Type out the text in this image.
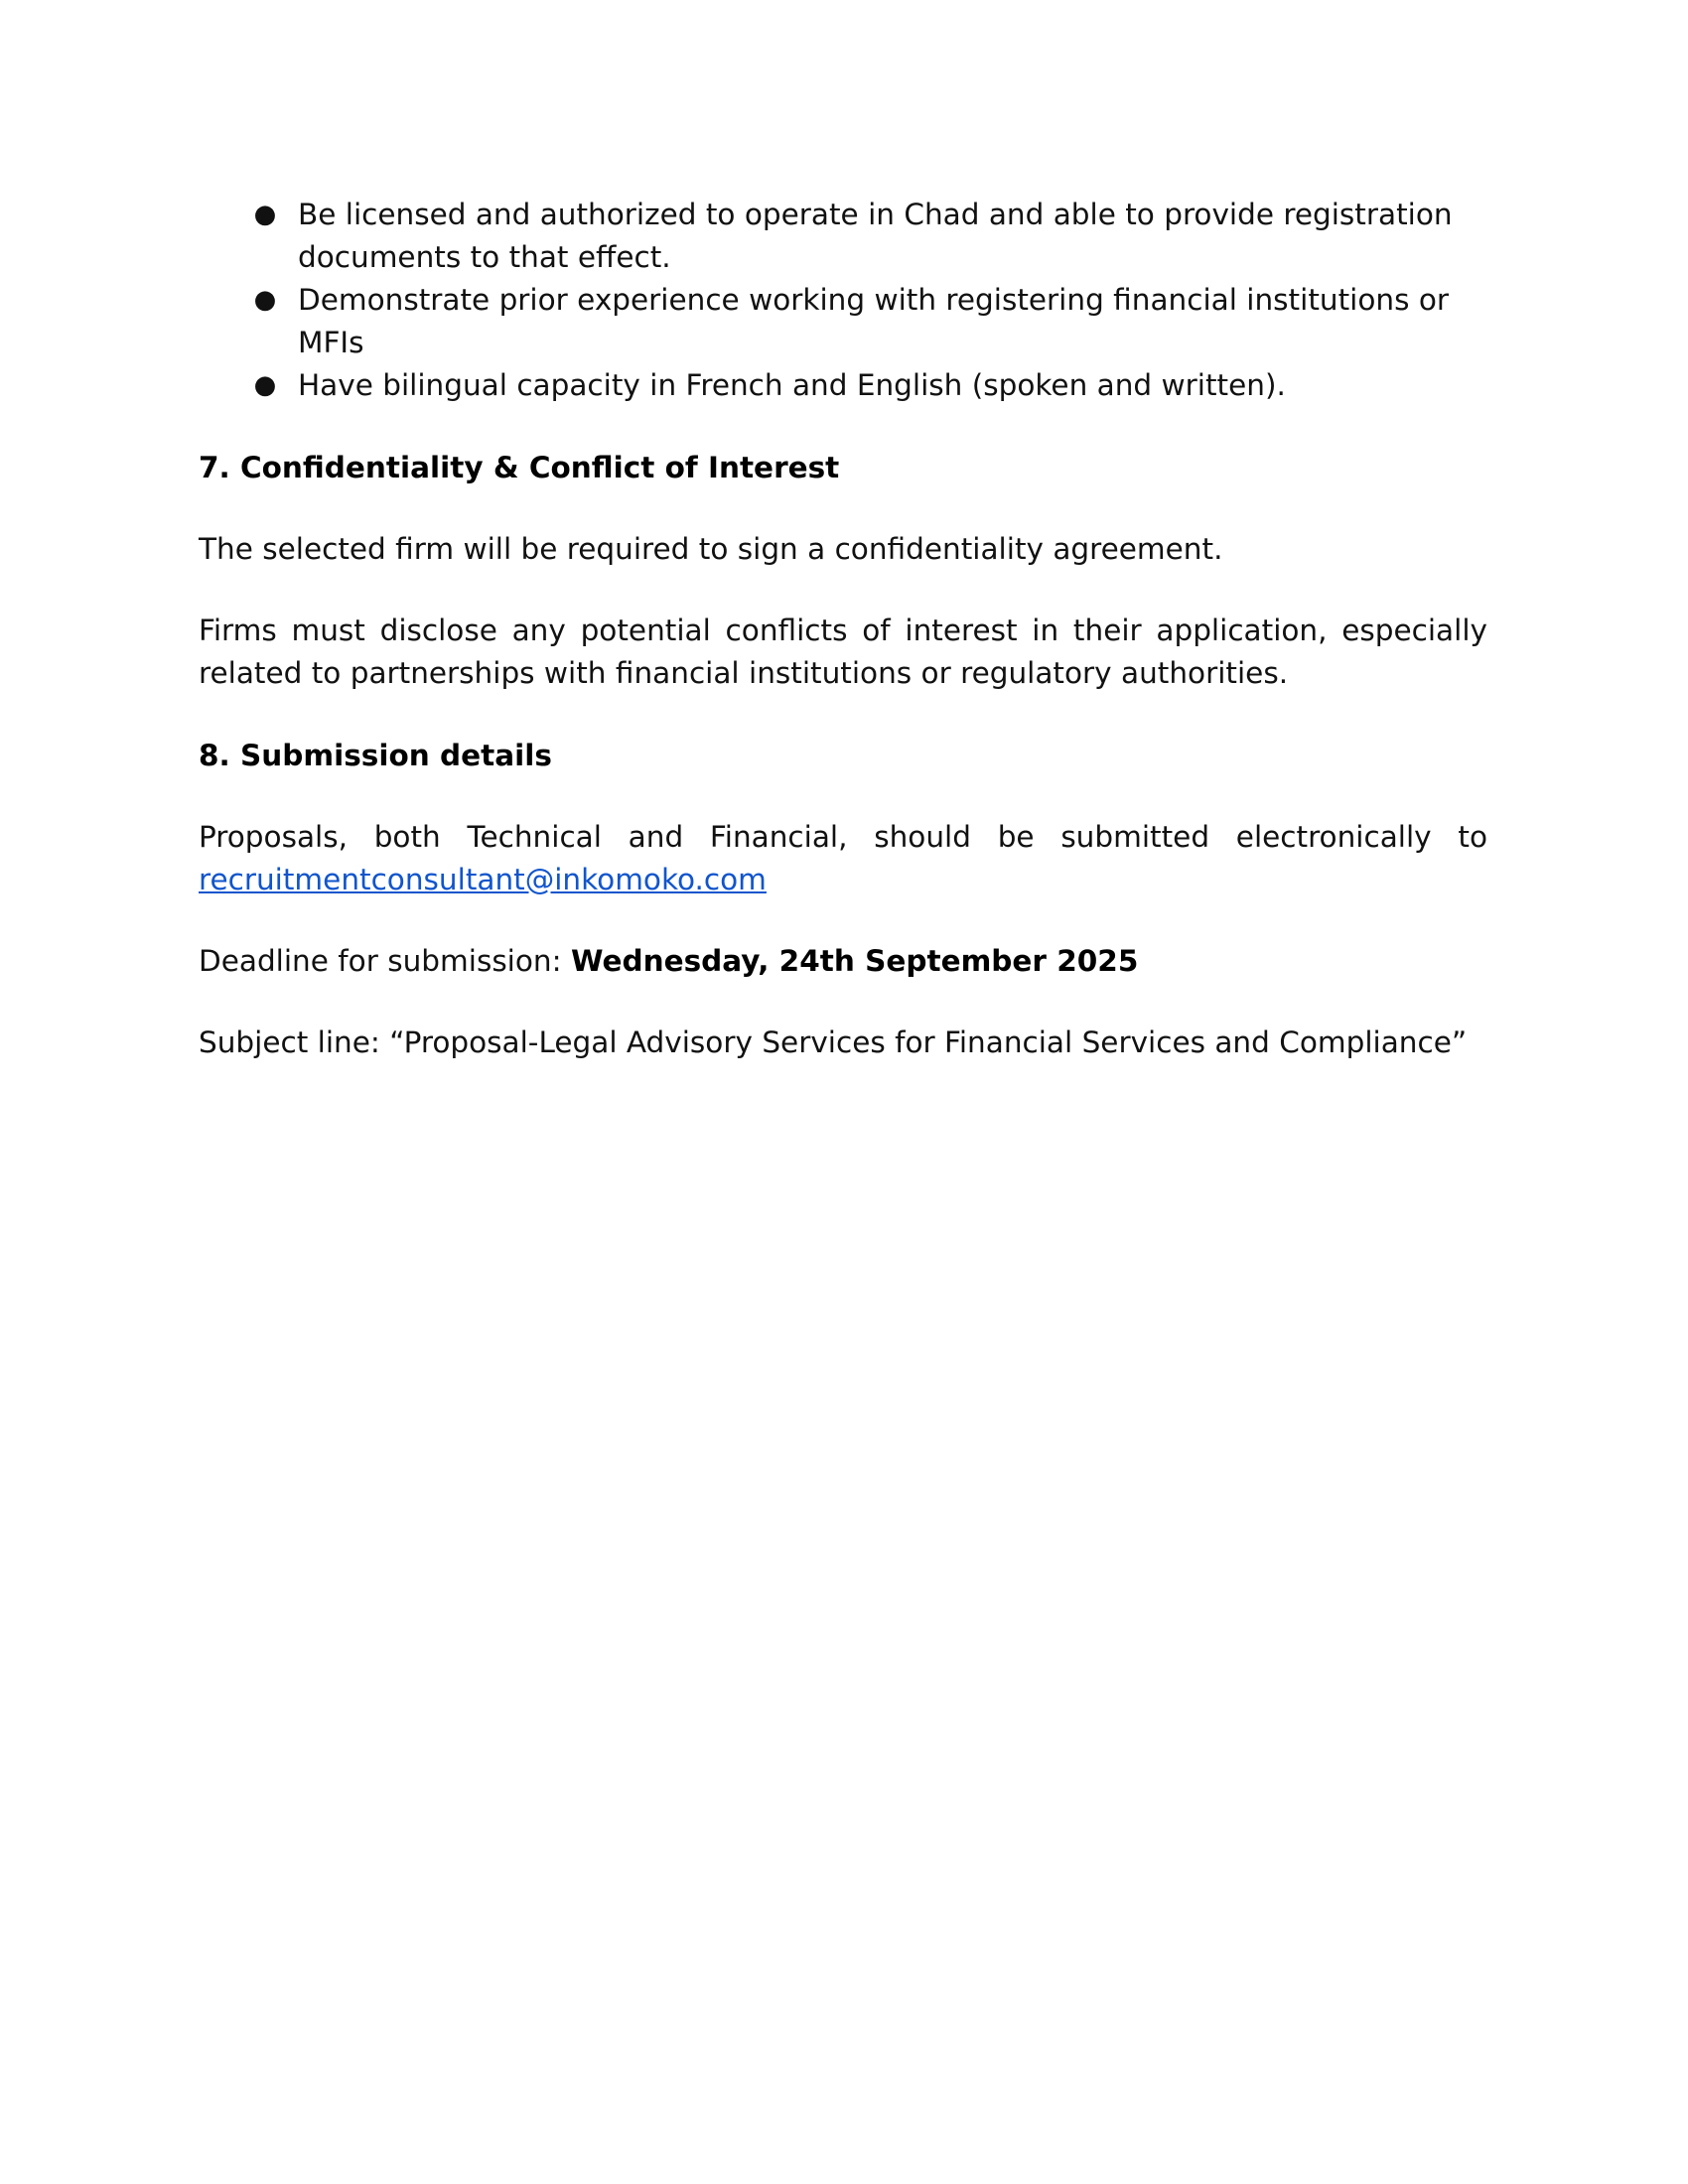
● Be licensed and authorized to operate in Chad and able to provide registration documents to that effect.
● Demonstrate prior experience working with registering financial institutions or MFIs
● Have bilingual capacity in French and English (spoken and written).
7. Confidentiality & Conflict of Interest

The selected firm will be required to sign a confidentiality agreement.

Firms must disclose any potential conflicts of interest in their application, especially related to partnerships with financial institutions or regulatory authorities.

8. Submission details

Proposals, both Technical and Financial, should be submitted electronically to
recruitmentconsultant@inkomoko.com

Deadline for submission: Wednesday, 24th September 2025

Subject line: “Proposal-Legal Advisory Services for Financial Services and Compliance”
